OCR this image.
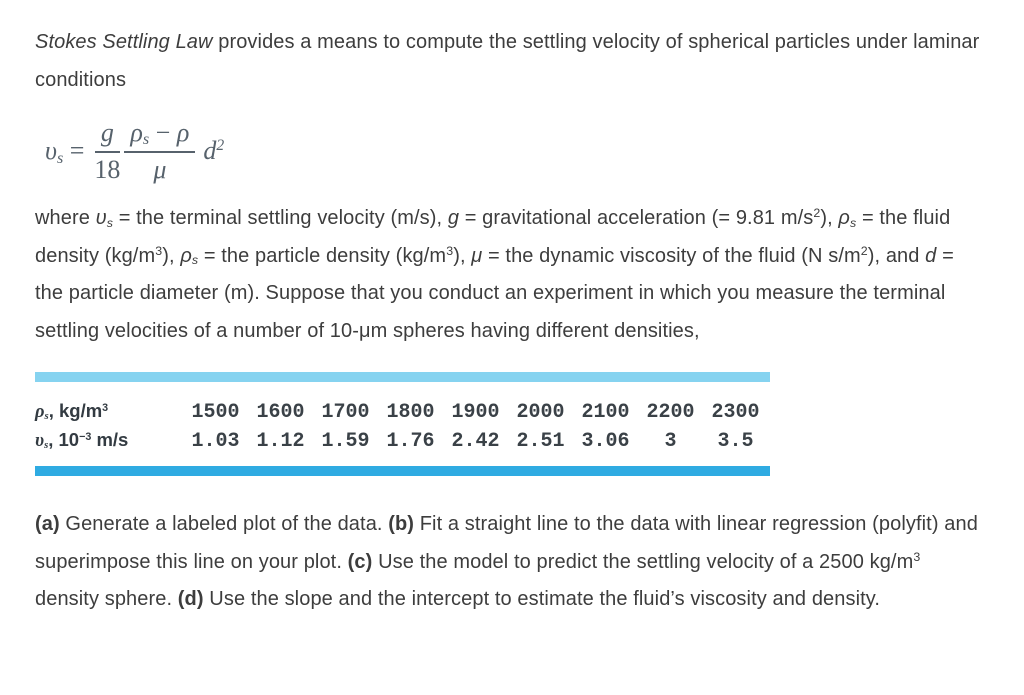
Stokes Settling Law provides a means to compute the settling velocity of spherical particles under laminar conditions

$\upsilon_s = \frac{g}{18} \frac{\rho_s - \rho}{\mu} d^2$

where $\upsilon_s$ = the terminal settling velocity (m/s), g = gravitational acceleration (= 9.81 $m/s^2$), $\rho_s$ = the fluid density $(kg/m^3)$, $\rho_s$ = the particle density $(kg/m^3)$, μ = the dynamic viscosity of the fluid (N $s/m^2$), and d = the particle diameter (m). Suppose that you conduct an experiment in which you measure the terminal settling velocities of a number of 10-μm spheres having different densities,

$\rho_s$, $kg/m^3$	1500 1600 1700 1800 1900 2000 2100 2200 2300
$\upsilon_s$, $10^{-3}$ m/s	1.03 1.12 1.59 1.76 2.42 2.51 3.06	3	3.5

(a) Generate a labeled plot of the data. (b) Fit a straight line to the data with linear regression (polyfit) and superimpose this line on your plot. (c) Use the model to predict the settling velocity of a 2500 $kg/m^3$ density sphere. (d) Use the slope and the intercept to estimate the fluid’s viscosity and density.
